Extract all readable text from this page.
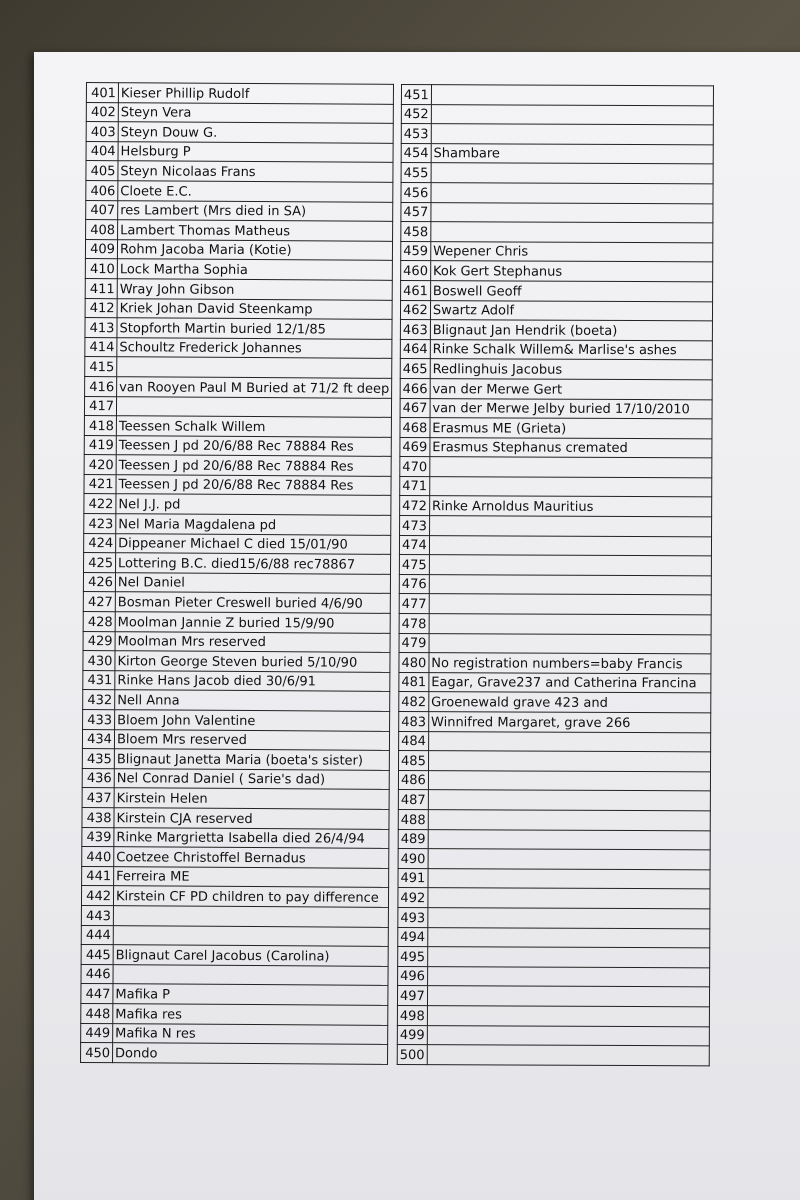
401	Kieser Phillip Rudolf
402	Steyn Vera
403	Steyn Douw G.
404	Helsburg P
405	Steyn Nicolaas Frans
406	Cloete E.C.
407	res Lambert (Mrs died in SA)
408	Lambert Thomas Matheus
409	Rohm Jacoba Maria (Kotie)
410	Lock Martha Sophia
411	Wray John Gibson
412	Kriek Johan David Steenkamp
413	Stopforth Martin buried 12/1/85
414	Schoultz Frederick Johannes
415	
416	van Rooyen Paul M Buried at 71/2 ft deep
417	
418	Teessen Schalk Willem
419	Teessen J pd 20/6/88 Rec 78884 Res
420	Teessen J pd 20/6/88 Rec 78884 Res
421	Teessen J pd 20/6/88 Rec 78884 Res
422	Nel J.J. pd
423	Nel Maria Magdalena pd
424	Dippeaner Michael C died 15/01/90
425	Lottering B.C. died15/6/88 rec78867
426	Nel Daniel
427	Bosman Pieter Creswell buried 4/6/90
428	Moolman Jannie Z buried 15/9/90
429	Moolman Mrs reserved
430	Kirton George Steven buried 5/10/90
431	Rinke Hans Jacob died 30/6/91
432	Nell Anna
433	Bloem John Valentine
434	Bloem Mrs reserved
435	Blignaut Janetta Maria (boeta's sister)
436	Nel Conrad Daniel ( Sarie's dad)
437	Kirstein Helen
438	Kirstein CJA reserved
439	Rinke Margrietta Isabella died 26/4/94
440	Coetzee Christoffel Bernadus
441	Ferreira ME
442	Kirstein CF PD children to pay difference
443	
444	
445	Blignaut Carel Jacobus (Carolina)
446	
447	Mafika P
448	Mafika res
449	Mafika N res
450	Dondo
451	
452	
453	
454	Shambare
455	
456	
457	
458	
459	Wepener Chris
460	Kok Gert Stephanus
461	Boswell Geoff
462	Swartz Adolf
463	Blignaut Jan Hendrik (boeta)
464	Rinke Schalk Willem& Marlise's ashes
465	Redlinghuis Jacobus
466	van der Merwe Gert
467	van der Merwe Jelby buried 17/10/2010
468	Erasmus ME (Grieta)
469	Erasmus Stephanus cremated
470	
471	
472	Rinke Arnoldus Mauritius
473	
474	
475	
476	
477	
478	
479	
480	No registration numbers=baby Francis
481	Eagar, Grave237 and Catherina Francina
482	Groenewald grave 423 and
483	Winnifred Margaret, grave 266
484	
485	
486	
487	
488	
489	
490	
491	
492	
493	
494	
495	
496	
497	
498	
499	
500	
